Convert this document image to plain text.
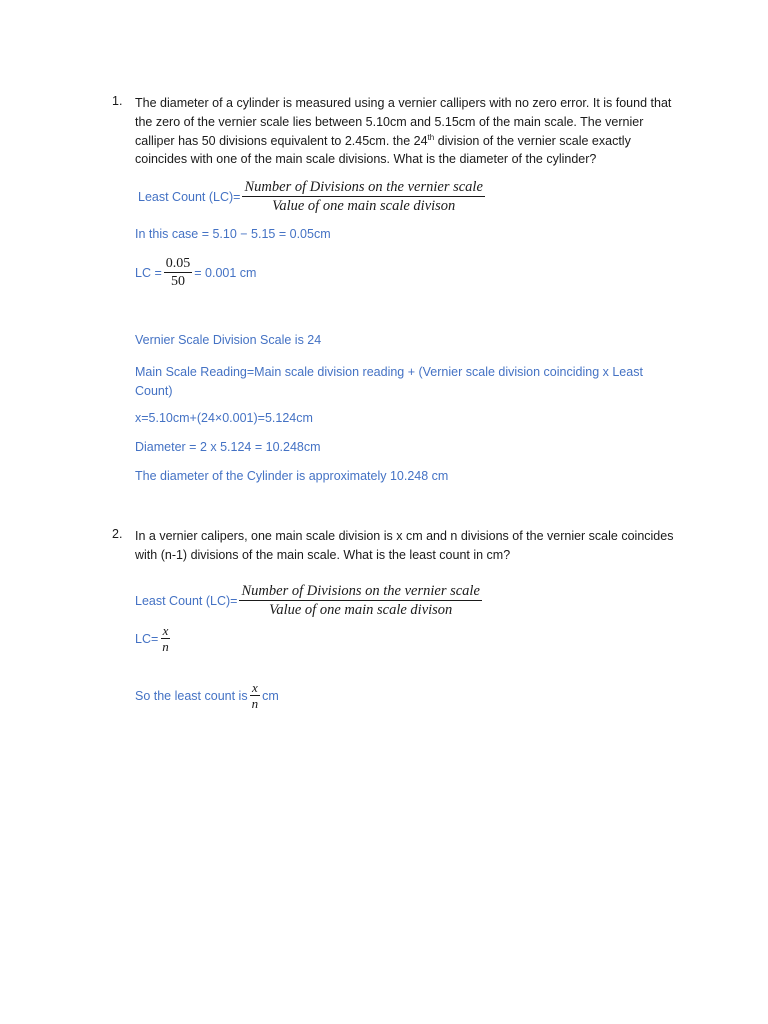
1. The diameter of a cylinder is measured using a vernier callipers with no zero error. It is found that the zero of the vernier scale lies between 5.10cm and 5.15cm of the main scale. The vernier calliper has 50 divisions equivalent to 2.45cm. the 24th division of the vernier scale exactly coincides with one of the main scale divisions. What is the diameter of the cylinder?
Least Count $(LC)= \frac{\text{Number of Divisions on the vernier scale}}{\text{Value of one main scale divison}}$
In this case = 5.10 − 5.15 = 0.05cm
LC = $\frac{0.05}{50} = 0.001$ cm
Vernier Scale Division Scale is 24
Main Scale Reading=Main scale division reading + (Vernier scale division coinciding x Least Count)
x=5.10cm+(24×0.001)=5.124cm
Diameter = 2 x 5.124 = 10.248cm
The diameter of the Cylinder is approximately 10.248 cm
2. In a vernier calipers, one main scale division is x cm and n divisions of the vernier scale coincides with (n-1) divisions of the main scale. What is the least count in cm?
Least Count $(LC)= \frac{\text{Number of Divisions on the vernier scale}}{\text{Value of one main scale divison}}$
$LC= \frac{x}{n}$
So the least count is $\frac{x}{n}$ cm
